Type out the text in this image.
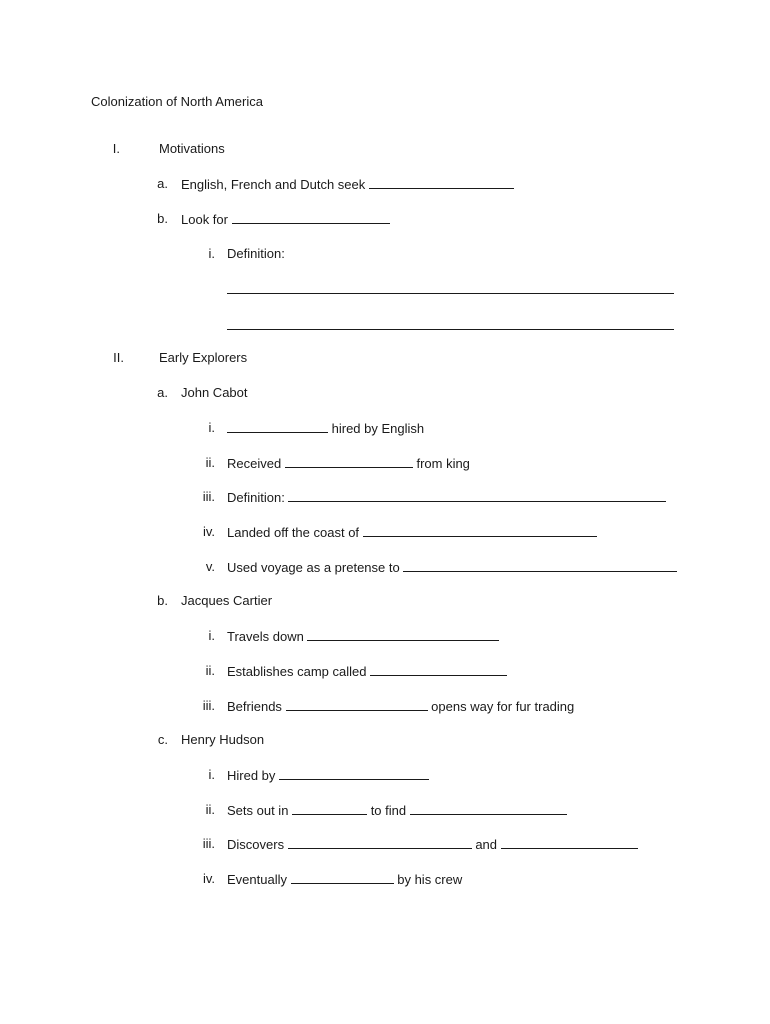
Colonization of North America
I.	Motivations
a. English, French and Dutch seek
b. Look for
i. Definition:
II.	Early Explorers
a. John Cabot
i.	hired by English
ii. Received	from king
iii. Definition:
iv. Landed off the coast of
v. Used voyage as a pretense to
b. Jacques Cartier
i. Travels down
ii. Establishes camp called
iii. Befriends	opens way for fur trading
c. Henry Hudson
i. Hired by
ii. Sets out in	to find
iii. Discovers	and
iv. Eventually	by his crew
